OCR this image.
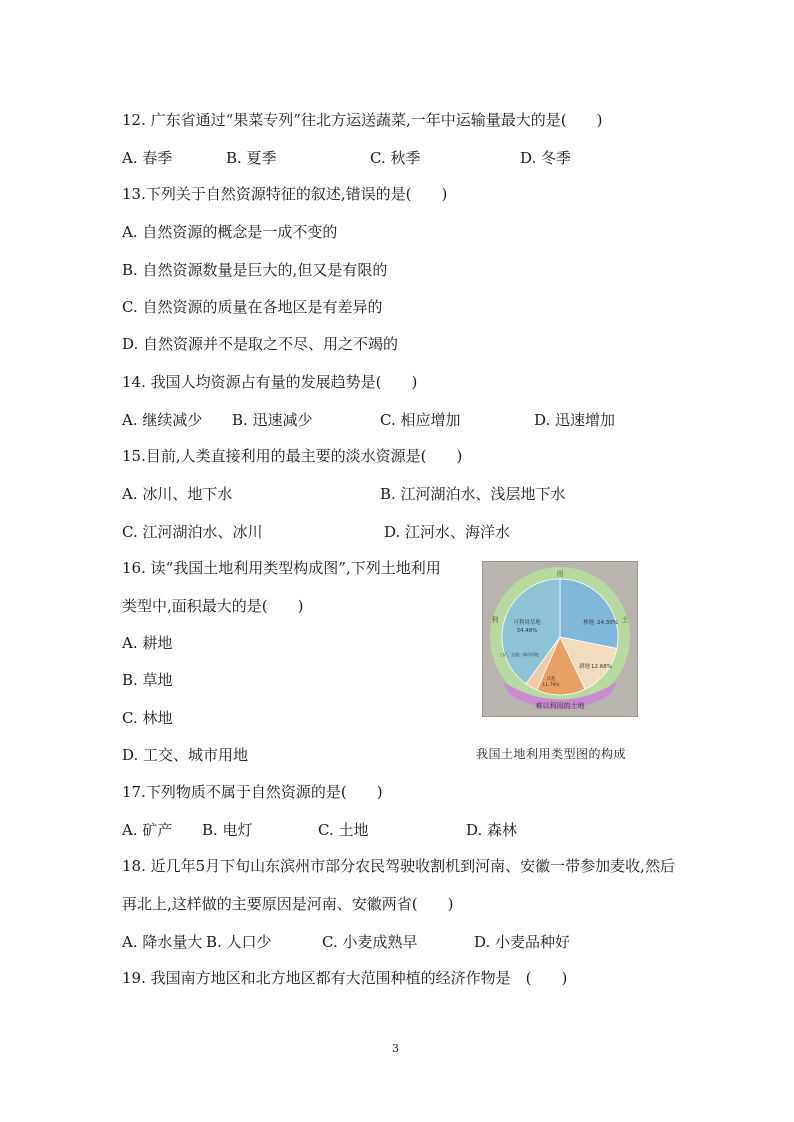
12. 广东省通过“果菜专列”往北方运送蔬菜,一年中运输量最大的是(　　)
A. 春季	B. 夏季	C. 秋季	D. 冬季
13.下列关于自然资源特征的叙述,错误的是(　　)
A. 自然资源的概念是一成不变的
B. 自然资源数量是巨大的,但又是有限的
C. 自然资源的质量在各地区是有差异的
D. 自然资源并不是取之不尽、用之不竭的
14. 我国人均资源占有量的发展趋势是(　　)
A. 继续减少 B. 迅速减少	C. 相应增加	D. 迅速增加
15.目前,人类直接利用的最主要的淡水资源是(　　)
A. 冰川、地下水	B. 江河湖泊水、浅层地下水
C. 江河湖泊水、冰川	D. 江河水、海洋水
16. 读“我国土地利用类型构成图”,下列土地利用
类型中,面积最大的是(　　)
A. 耕地
B. 草地
C. 林地
D. 工交、城市用地
用
土
利
难以利用的土地
可利用草地
34.48%
林地 24.30%
耕地 12.68%
其他
11.79%
工矿、交通、城市用地
我国土地利用类型图的构成
17.下列物质不属于自然资源的是(　　)
A. 矿产 B. 电灯	C. 土地	D. 森林
18. 近几年5月下旬山东滨州市部分农民驾驶收割机到河南、安徽一带参加麦收,然后
再北上,这样做的主要原因是河南、安徽两省(　　)
A. 降水量大 B. 人口少	C. 小麦成熟早	D. 小麦品种好
19. 我国南方地区和北方地区都有大范围种植的经济作物是　(　　)
3
